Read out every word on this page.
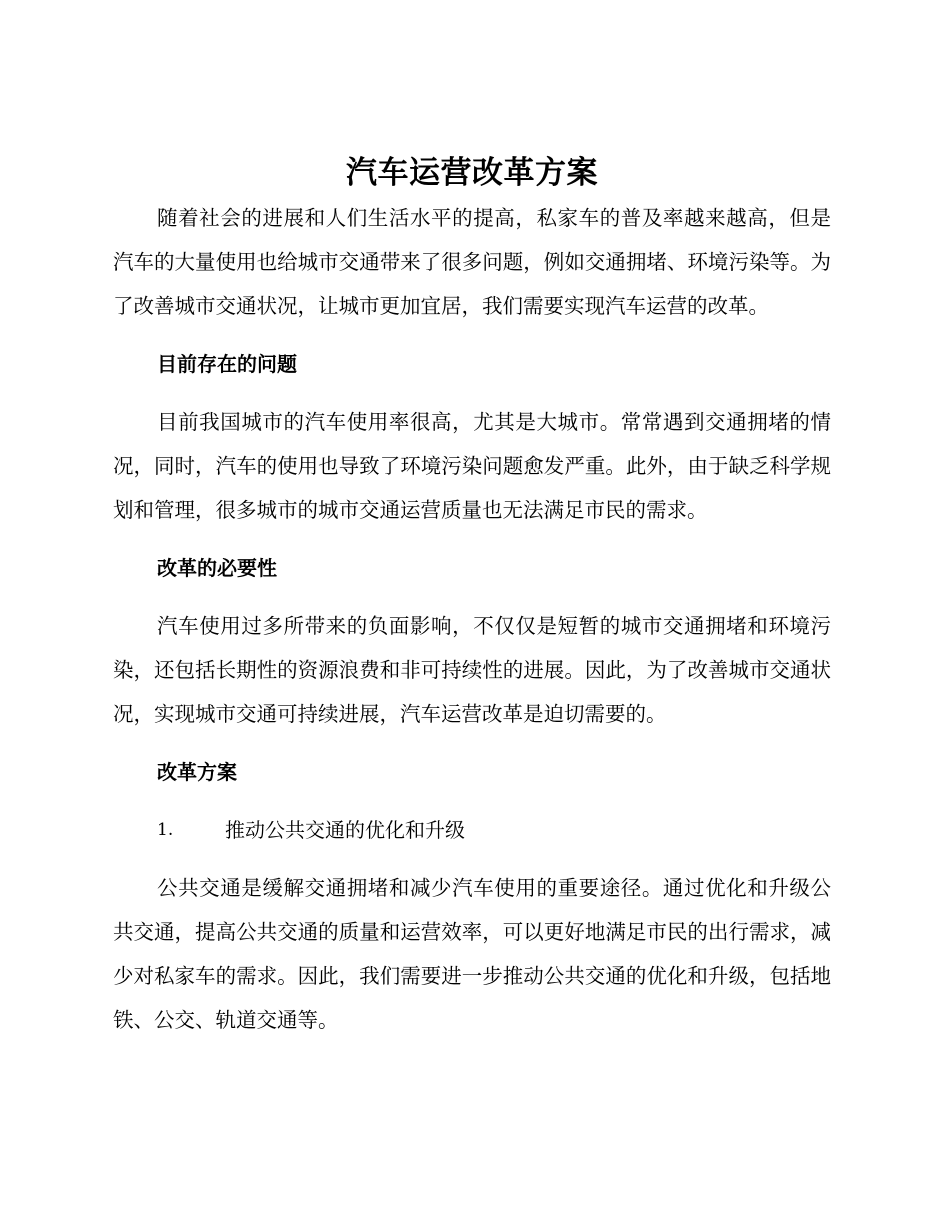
汽车运营改革方案

随着社会的进展和人们生活水平的提高，私家车的普及率越来越高，但是汽车的大量使用也给城市交通带来了很多问题，例如交通拥堵、环境污染等。为了改善城市交通状况，让城市更加宜居，我们需要实现汽车运营的改革。

目前存在的问题

目前我国城市的汽车使用率很高，尤其是大城市。常常遇到交通拥堵的情况，同时，汽车的使用也导致了环境污染问题愈发严重。此外，由于缺乏科学规划和管理，很多城市的城市交通运营质量也无法满足市民的需求。

改革的必要性

汽车使用过多所带来的负面影响，不仅仅是短暂的城市交通拥堵和环境污染，还包括长期性的资源浪费和非可持续性的进展。因此，为了改善城市交通状况，实现城市交通可持续进展，汽车运营改革是迫切需要的。

改革方案
1.	推动公共交通的优化和升级

公共交通是缓解交通拥堵和减少汽车使用的重要途径。通过优化和升级公共交通，提高公共交通的质量和运营效率，可以更好地满足市民的出行需求，减少对私家车的需求。因此，我们需要进一步推动公共交通的优化和升级，包括地铁、公交、轨道交通等。
